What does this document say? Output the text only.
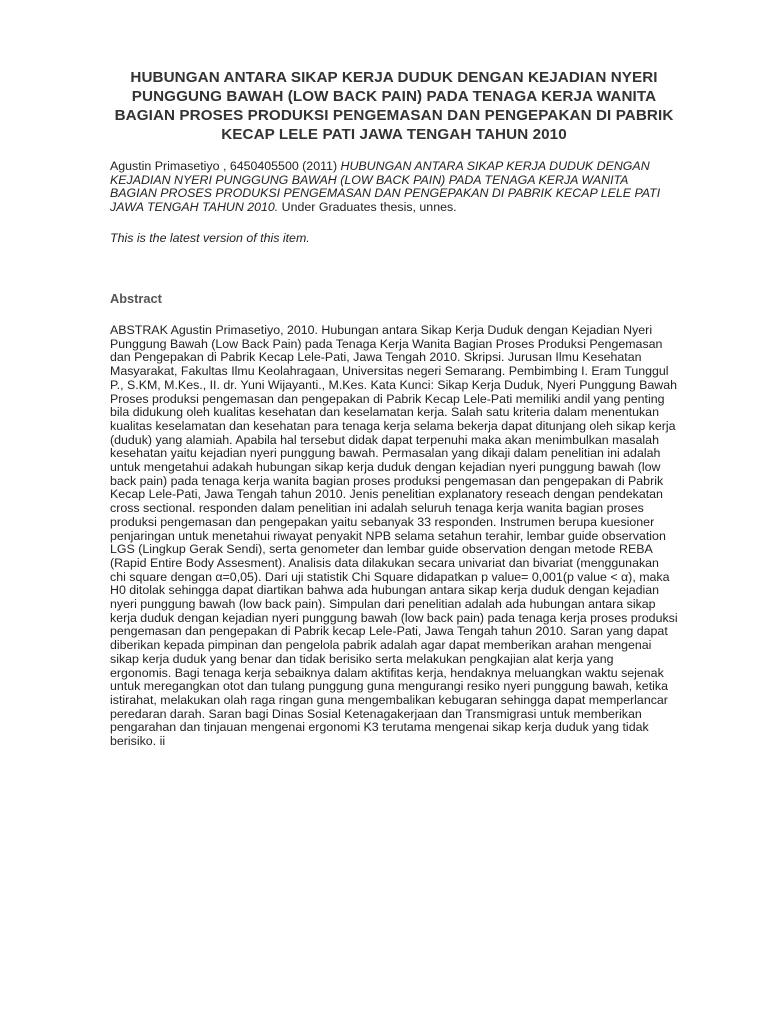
HUBUNGAN ANTARA SIKAP KERJA DUDUK DENGAN KEJADIAN NYERI PUNGGUNG BAWAH (LOW BACK PAIN) PADA TENAGA KERJA WANITA BAGIAN PROSES PRODUKSI PENGEMASAN DAN PENGEPAKAN DI PABRIK KECAP LELE PATI JAWA TENGAH TAHUN 2010

Agustin Primasetiyo , 6450405500 (2011) HUBUNGAN ANTARA SIKAP KERJA DUDUK DENGAN KEJADIAN NYERI PUNGGUNG BAWAH (LOW BACK PAIN) PADA TENAGA KERJA WANITA BAGIAN PROSES PRODUKSI PENGEMASAN DAN PENGEPAKAN DI PABRIK KECAP LELE PATI JAWA TENGAH TAHUN 2010. Under Graduates thesis, unnes.

This is the latest version of this item.

Abstract

ABSTRAK Agustin Primasetiyo, 2010. Hubungan antara Sikap Kerja Duduk dengan Kejadian Nyeri Punggung Bawah (Low Back Pain) pada Tenaga Kerja Wanita Bagian Proses Produksi Pengemasan dan Pengepakan di Pabrik Kecap Lele-Pati, Jawa Tengah 2010. Skripsi. Jurusan Ilmu Kesehatan Masyarakat, Fakultas Ilmu Keolahragaan, Universitas negeri Semarang. Pembimbing I. Eram Tunggul P., S.KM, M.Kes., II. dr. Yuni Wijayanti., M.Kes. Kata Kunci: Sikap Kerja Duduk, Nyeri Punggung Bawah Proses produksi pengemasan dan pengepakan di Pabrik Kecap Lele-Pati memiliki andil yang penting bila didukung oleh kualitas kesehatan dan keselamatan kerja. Salah satu kriteria dalam menentukan kualitas keselamatan dan kesehatan para tenaga kerja selama bekerja dapat ditunjang oleh sikap kerja (duduk) yang alamiah. Apabila hal tersebut didak dapat terpenuhi maka akan menimbulkan masalah kesehatan yaitu kejadian nyeri punggung bawah. Permasalan yang dikaji dalam penelitian ini adalah untuk mengetahui adakah hubungan sikap kerja duduk dengan kejadian nyeri punggung bawah (low back pain) pada tenaga kerja wanita bagian proses produksi pengemasan dan pengepakan di Pabrik Kecap Lele-Pati, Jawa Tengah tahun 2010. Jenis penelitian explanatory reseach dengan pendekatan cross sectional. responden dalam penelitian ini adalah seluruh tenaga kerja wanita bagian proses produksi pengemasan dan pengepakan yaitu sebanyak 33 responden. Instrumen berupa kuesioner penjaringan untuk menetahui riwayat penyakit NPB selama setahun terahir, lembar guide observation LGS (Lingkup Gerak Sendi), serta genometer dan lembar guide observation dengan metode REBA (Rapid Entire Body Assesment). Analisis data dilakukan secara univariat dan bivariat (menggunakan chi square dengan α=0,05). Dari uji statistik Chi Square didapatkan p value= 0,001(p value < α), maka H0 ditolak sehingga dapat diartikan bahwa ada hubungan antara sikap kerja duduk dengan kejadian nyeri punggung bawah (low back pain). Simpulan dari penelitian adalah ada hubungan antara sikap kerja duduk dengan kejadian nyeri punggung bawah (low back pain) pada tenaga kerja proses produksi pengemasan dan pengepakan di Pabrik kecap Lele-Pati, Jawa Tengah tahun 2010. Saran yang dapat diberikan kepada pimpinan dan pengelola pabrik adalah agar dapat memberikan arahan mengenai sikap kerja duduk yang benar dan tidak berisiko serta melakukan pengkajian alat kerja yang ergonomis. Bagi tenaga kerja sebaiknya dalam aktifitas kerja, hendaknya meluangkan waktu sejenak untuk meregangkan otot dan tulang punggung guna mengurangi resiko nyeri punggung bawah, ketika istirahat, melakukan olah raga ringan guna mengembalikan kebugaran sehingga dapat memperlancar peredaran darah. Saran bagi Dinas Sosial Ketenagakerjaan dan Transmigrasi untuk memberikan pengarahan dan tinjauan mengenai ergonomi K3 terutama mengenai sikap kerja duduk yang tidak berisiko. ii
